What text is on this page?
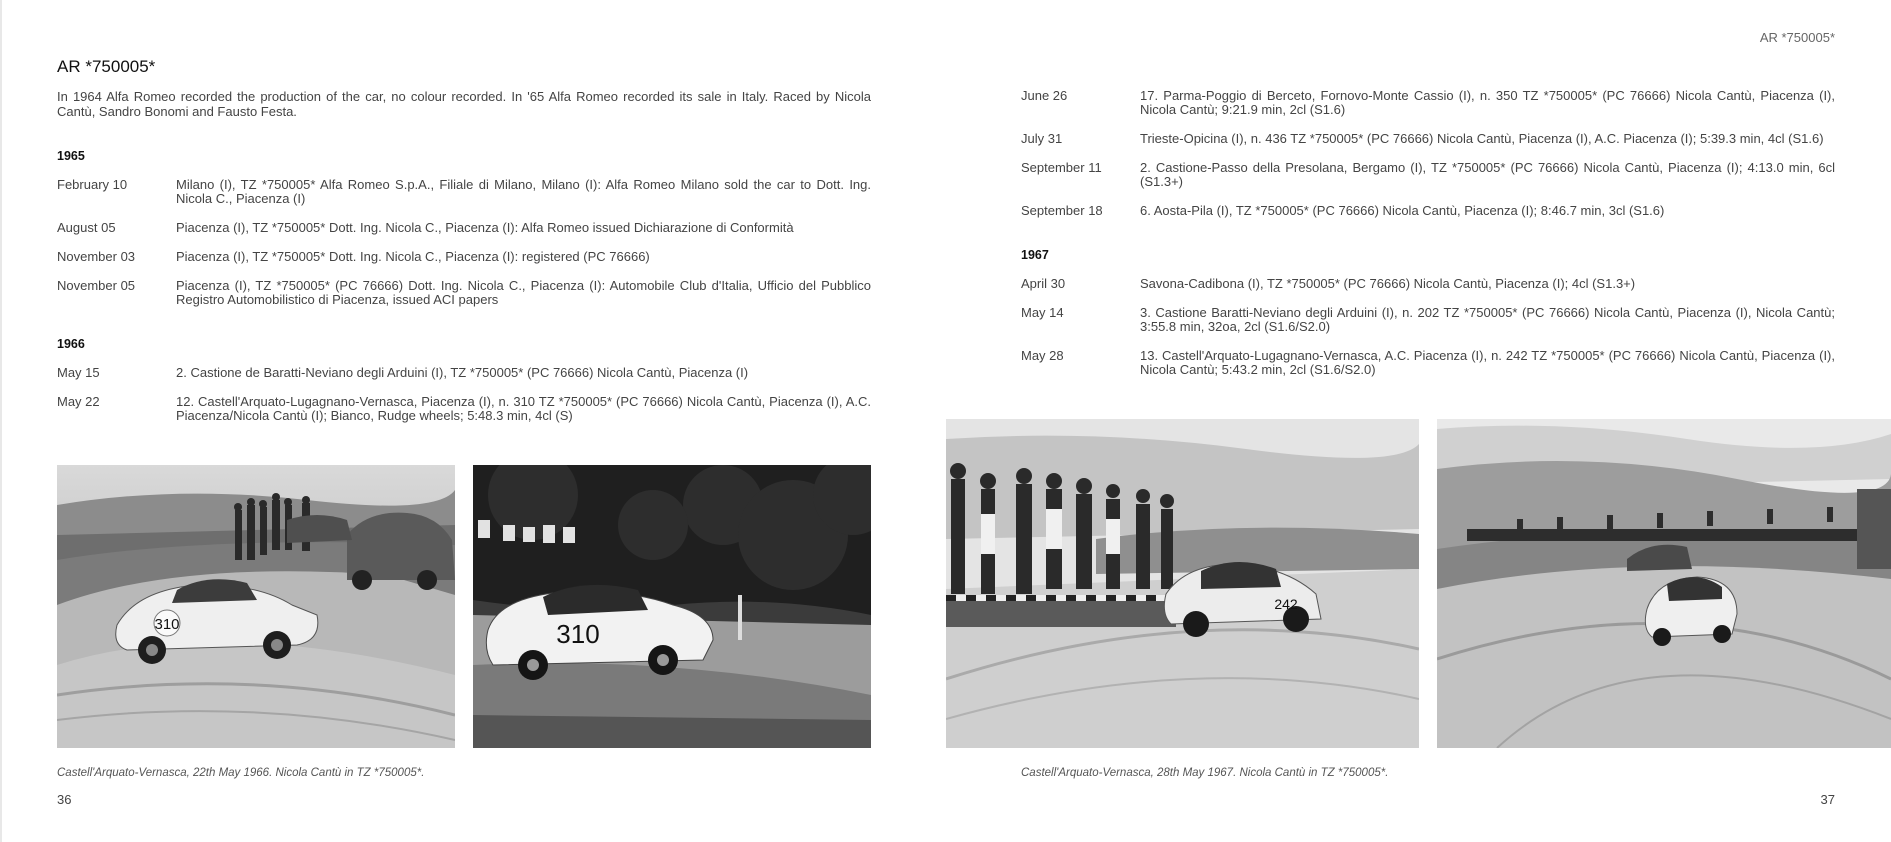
AR *750005*
AR *750005*

In 1964 Alfa Romeo recorded the production of the car, no colour recorded. In '65 Alfa Romeo recorded its sale in Italy. Raced by Nicola Cantù, Sandro Bonomi and Fausto Festa.

1965
February 10	Milano (I), TZ *750005* Alfa Romeo S.p.A., Filiale di Milano, Milano (I): Alfa Romeo Milano sold the car to Dott. Ing. Nicola C., Piacenza (I)
August 05	Piacenza (I), TZ *750005* Dott. Ing. Nicola C., Piacenza (I): Alfa Romeo issued Dichiarazione di Conformità
November 03	Piacenza (I), TZ *750005* Dott. Ing. Nicola C., Piacenza (I): registered (PC 76666)
November 05	Piacenza (I), TZ *750005* (PC 76666) Dott. Ing. Nicola C., Piacenza (I): Automobile Club d'Italia, Ufficio del Pubblico Registro Automobilistico di Piacenza, issued ACI papers
1966
May 15	2. Castione de Baratti-Neviano degli Arduini (I), TZ *750005* (PC 76666) Nicola Cantù, Piacenza (I)
May 22	12. Castell'Arquato-Lugagnano-Vernasca, Piacenza (I), n. 310 TZ *750005* (PC 76666) Nicola Cantù, Piacenza (I), A.C. Piacenza/Nicola Cantù (I); Bianco, Rudge wheels; 5:48.3 min, 4cl (S)
June 26	17. Parma-Poggio di Berceto, Fornovo-Monte Cassio (I), n. 350 TZ *750005* (PC 76666) Nicola Cantù, Piacenza (I), Nicola Cantù; 9:21.9 min, 2cl (S1.6)
July 31	Trieste-Opicina (I), n. 436 TZ *750005* (PC 76666) Nicola Cantù, Piacenza (I), A.C. Piacenza (I); 5:39.3 min, 4cl (S1.6)
September 11	2. Castione-Passo della Presolana, Bergamo (I), TZ *750005* (PC 76666) Nicola Cantù, Piacenza (I); 4:13.0 min, 6cl (S1.3+)
September 18	6. Aosta-Pila (I), TZ *750005* (PC 76666) Nicola Cantù, Piacenza (I); 8:46.7 min, 3cl (S1.6)
1967
April 30	Savona-Cadibona (I), TZ *750005* (PC 76666) Nicola Cantù, Piacenza (I); 4cl (S1.3+)
May 14	3. Castione Baratti-Neviano degli Arduini (I), n. 202 TZ *750005* (PC 76666) Nicola Cantù, Piacenza (I), Nicola Cantù; 3:55.8 min, 32oa, 2cl (S1.6/S2.0)
May 28	13. Castell'Arquato-Lugagnano-Vernasca, A.C. Piacenza (I), n. 242 TZ *750005* (PC 76666) Nicola Cantù, Piacenza (I), Nicola Cantù; 5:43.2 min, 2cl (S1.6/S2.0)
310	310
242
Castell'Arquato-Vernasca, 22th May 1966. Nicola Cantù in TZ *750005*.	Castell'Arquato-Vernasca, 28th May 1967. Nicola Cantù in TZ *750005*.
36	37
